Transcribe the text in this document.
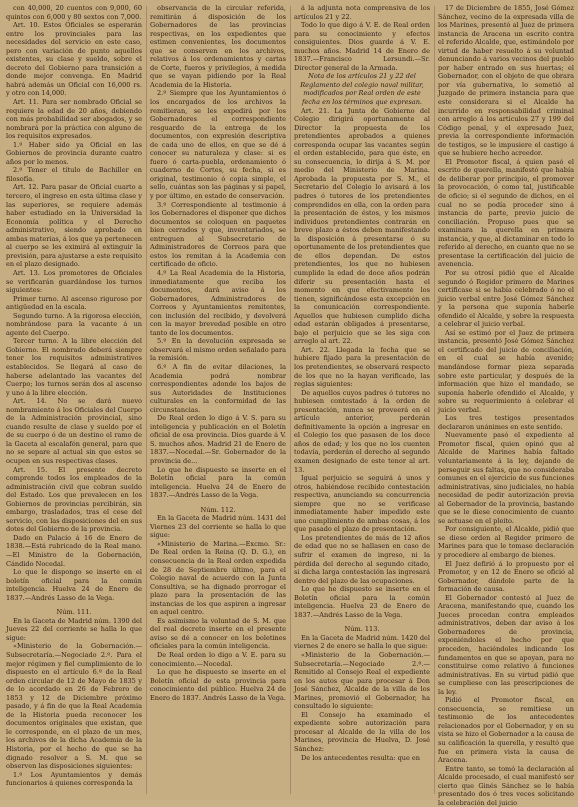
con 40,000, 20 cuentos con 9,000, 60 quintos con 6,000 y 80 sextos con 7,000.

Art. 10. Estos Oficiales se esperarán entre los provinciales para las necesidades del servicio en este caso, pero con variación de punto aquellos existentes, su clase y sueldo, sobre el decreto del Gobierno para transición a donde mejor convenga. En Madrid habrá además un Oficial con 16,000 rs. y otro con 14,000.

Art. 11. Para ser nombrado Oficial se requiere la edad de 20 años, debiendo con más probabilidad ser abogados, y se nombrará por la práctica con alguno de los requisitos expresados.

1.º Haber sido ya Oficial en las Gobiernos de provincia durante cuatro años por lo menos.

2.º Tener el título de Bachiller en filosofía.

Art. 12. Para pasar de Oficial cuarto a tercero, el ingreso en esta última clase y las superiores, se requiere además haber estudiado en la Universidad la Economía política y el Derecho administrativo, siendo aprobado en ambas materias, á los que ya pertenecen al cuerpo se les eximirá al extinguir la previsión, para ajustarse a este requisito en el plazo designado.

Art. 13. Los promotores de Oficiales se verificarán guardándose los turnos siguientes:

Primer turno. Al ascenso riguroso por antigüedad en la escala.

Segundo turno. A la rigorosa elección, nombrándose para la vacante á un agente del Cuerpo.

Tercer turno. A la libre elección del Gobierno. El nombrado deberá siempre tener los requisitos administrativos establecidos. Se llegará al caso de haberse adelantado las vacantes del Cuerpo; los turnos serán dos al ascenso y uno á la libre elección.

Art. 14. No se dará nuevo nombramiento á los Oficiales del Cuerpo de la Administración provincial, sino cuando resulte de clase y sueldo por el de su cuerpo ó de un destino el ramo de la Gaceta al escalafón general, para que no se separe al actual sin que estos se ocupen en sus respectivas clases.

Art. 15. El presente decreto comprende todos los empleados de la administración civil que cobran sueldo del Estado. Los que prevalecen en los Gobiernos de provincias percibirán, sin embargo, trasladados, tras el cese del servicio, con las disposiciones del en sus dotes del Gobierno de la provincia.

Dado en Palacio á 16 de Enero de 1838.—Está rubricado de la Real mano.—El Ministro de la Gobernación, Cándido Nocedal.

Lo que le dispongo se inserte en el boletín oficial para la común inteligencia. Huelva 24 de Enero de 1837.—Andrés Lasso de la Vega.

Núm. 111.

En la Gaceta de Madrid núm. 1390 del Jueves 22 del corriente se halla lo que sigue:

«Ministerio de la Gobernación.—Subsecretaría.—Negociado 2.º. Para el mejor régimen y fiel cumplimiento de lo dispuesto en el artículo 6.º de la Real orden circular de 12 de Mayo de 1835 y de lo acordado en 26 de Febrero de 1853 y 12 de Diciembre próximo pasado, y á fin de que la Real Academia de la Historia pueda reconocer los documentos originales que existan, que le corresponde, en el plazo de un mes, los archivos de la dicha Academia de la Historia, por el hecho de que se ha dignado resolver a S. M. que se observen las disposiciones siguientes:

1.º Los Ayuntamientos y demás funcionarios á quienes corresponda la

observancia de la circular referida, remitirán á disposición de los Gobernadores de las provincias respectivas, en los expedientes que estimen convenientes, los documentos que se conserven en los archivos, relativos á los ordenamientos y cartas de Corte, fueros y privilegios, á medida que se vayan pidiendo por la Real Academia de la Historia.

2.º Siempre que los Ayuntamientos ó los encargados de los archivos la remitieran, se les expedirá por los Gobernadores el correspondiente resguardo de la entrega de los documentos, con expresión descriptiva de cada uno de ellos, en que se dé á conocer su naturaleza y clase: si es fuero ó carta-puebla, ordenamiento ó cuaderno de Cortes, su fecha, si es original, testimonio ó copia simple, el sello, cuántas son las páginas y si papel, y por último, en estado de conservación.

3.º Correspondiente al testimonio á los Gobernadores el disponer que dichos documentos se coloquen en paquetes bien cerrados y que, inventariados, se entreguen al Subsecretario de Administradores de Correos para que estos los remitan á la Academia con certificado de oficio.

4.º La Real Academia de la Historia, inmediatamente que reciba los documentos, dará aviso á los Gobernadores, Administradores de Correos y Ayuntamientos remitentes, con inclusión del recibido, y devolverá con la mayor brevedad posible en otro tanto de los documentos.

5.º En la devolución expresada se observará el mismo orden señalado para la remisión.

6.º A fin de evitar dilaciones, la Academia podrá nombrar correspondientes adonde los bajos de sus Autoridades de Instituciones culturales en la conformidad de las circunstancias.

De Real orden lo digo á V. S. para su inteligencia y publicación en el Boletín oficial de esa provincia. Dios guarde á V. S. muchos años. Madrid 21 de Enero de 1837.—Nocedal.—Sr. Gobernador de la provincia de...

Lo que he dispuesto se inserte en el Boletín oficial para la común inteligencia. Huelva 24 de Enero de 1837.—Andrés Lasso de la Vega.

Núm. 112.

En la Gaceta de Madrid núm. 1431 del Viernes 23 del corriente se halla lo que sigue:

«Ministerio de Marina.—Excmo. Sr.: De Real orden la Reina (Q. D. G.), en consecuencia de la Real orden expedida de 28 de Septiembre último, para el Colegio naval de acuerdo con la Junta Consultiva, se ha dignado prorrogar el plazo para la presentación de las instancias de los que aspiren a ingresar en aquel centro.

Es asimismo la voluntad de S. M. que del real decreto inserte en el presente aviso se dé a conocer en los boletines oficiales para la común inteligencia.

De Real orden lo digo a V. E. para su conocimiento.—Nocedal.

Lo que he dispuesto se inserte en el Boletín oficial de esta provincia para conocimiento del público. Huelva 24 de Enero de 1837. Andrés Lasso de la Vega.

á la adjunta nota comprensiva de los artículos 21 y 22.

Todo lo que digo á V. E. de Real orden para su conocimiento y efectos consiguientes. Dios guarde á V. E. muchos años. Madrid 14 de Enero de 1837.—Francisco Lersundi.—Sr. Director general de la Armada.

Nota de los artículos 21 y 22 del Reglamento del colegio naval militar, modificados por Real orden de este fecha en los términos que expresan.

Art. 21. La Junta de Gobierno del Colegio dirigirá oportunamente al Director la propuesta de los pretendientes aprobados a quienes corresponda ocupar las vacantes según el orden establecido, para que éste, en su consecuencia, lo dirija á S. M. por medio del Ministerio de Marina. Aprobada la propuesta por S. M., el Secretario del Colegio lo avisará á los padres ó tutores de los pretendientes comprendidos en ella, con la orden para la presentación de éstos, y los mismos individuos pretendientes contrarán en breve plazo a éstos deben manifestando la disposición á presentarse ó su oportunamente de los pretendientes que de ellos dependan. De estos pretendientes, los que no hubiesen cumplido la edad de doce años podrán diferir su presentación hasta el momento en que efectivamente los tienen, significándose esta excepción en la comunicación correspondiente. Aquellos que hubiesen cumplido dicha edad estarán obligados á presentarse, bajo el perjuicio que se les siga con arreglo al art. 22.

Art. 22. Llegada la fecha que se hubiere fijado para la presentación de los pretendientes, se observará respecto de los que no la hayan verificado, las reglas siguientes:

De aquellos cuyos padres ó tutores no hubiesen contestado á la orden de presentación, nunca se proveerá en el artículo anterior, perderán definitivamente la opción a ingresar en el Colegio los que pasasen de los doce años de edad; y los que no los cuenten todavía, perderán el derecho al segundo examen designado de este tenor al art. 13.

Igual perjuicio se seguirá á unos y otros, habiéndose recibido contestación respectiva, anunciando su concurrencia siempre que no se verificase inmediatamente haber impedido este uno cumplimiento de ambas cosas, á los que pasado el plazo de presentación.

Los pretendientes de más de 12 años de edad que no se hallasen en caso de sufrir el examen de ingreso, ni la pérdida del derecho al segundo citado, si dicha larga contestación las ingresará dentro del plazo de las ocupaciones.

Lo que he dispuesto se inserte en el Boletín oficial para la común inteligencia. Huelva 23 de Enero de 1837.—Andrés Lasso de la Vega.

Núm. 113.

En la Gaceta de Madrid núm. 1420 del viernes 2 de enero se halla lo que sigue:

«Ministerio de la Gobernación.—Subsecretaría.—Negociado 2.º.—Remitido al Consejo Real el expediente en los autos que para procesar á Don José Sánchez, Alcalde de la villa de los Marines, promovió el Gobernador, ha consultado lo siguiente:

El Consejo ha examinado el expediente sobre autorización para procesar al Alcalde de la villa de los Marines, provincia de Huelva, D. José Sánchez:

De los antecedentes resulta: que en

17 de Diciembre de 1855, José Gómez Sánchez, vecino de la expresada villa de los Marines, presentó al Juez de primera instancia de Aracena un escrito contra el referido Alcalde, que, estimándolo por virtud de haber resuelto á su voluntad denunciando á varios vecinos del pueblo por haber entrado en sus huertas; el Gobernador, con el objeto de que obrara por vía gubernativa, lo sometió al Juzgado de primera instancia para que este considerara si el Alcalde ha incurrido en responsabilidad criminal con arreglo á los artículos 27 y 199 del Código penal, y el expresado Juez, previa la correspondiente información de testigos, se le impusiere el castigo á que se hubiere hecho acreedor.

El Promotor fiscal, á quien pasó el escrito de querella, manifestó que había de deliberar por principio, el promover la provocación, ó como tal, justificable de oficio; si el segundo de dichos, en el cual no se podía proceder sino á instancia de parte, previo juicio de conciliación. Propuso pues que se examinara la querella en primera instancia, y que, al dictaminar en todo lo referido al derecho, en cuanto que no se presentase la certificación del juicio de avenencia.

Por su otrosí pidió que el Alcalde segundo ó Regidor primero de Marines certificase si se había celebrado ó no el juicio verbal entre José Gómez Sánchez y la persona que suponía haberle ofendido el Alcalde, y sobre la respuesta a celebrar el juicio verbal.

Así se estimó por el Juez de primera instancia, presentó José Gómez Sánchez el certificado del juicio de conciliación, en el cual se había avenido; mandándose formar pieza separada sobre este particular, y después de la información que hizo el mandado, se suponía haberle ofendido el Alcalde, y sobre su requerimiento á celebrar el juicio verbal.

Los tres testigos presentados declararon unánimes en este sentido.

Nuevamente pasó el expediente al Promotor fiscal, quien opinó que al Alcalde de Marines había faltado voluntariamente á la ley, dejando de perseguir sus faltas, que no consideraba comunes en el ejercicio de sus funciones administrativas, sino judiciales, no había necesidad de pedir autorización previa al Gobernador de la provincia, bastando que se le diese conocimiento de cuanto se actuase en el pleito.

Por consiguiente, el Alcalde, pidió que se diese orden al Regidor primero de Marines para que le tomase declaración y procediere al embargo de bienes.

El Juez defirió á lo propuesto por el Promotor, y en 12 de Enero se ofició al Gobernador, dándole parte de la formación de causa.

El Gobernador contestó al Juez de Aracena, manifestando que, cuando los Jueces procedan contra empleados administrativos, deben dar aviso á los Gobernadores de provincia, exponiéndoles el hecho por que proceden, haciéndoles indicando los fundamentos en que se apoyan, para no constituirse como relativo á funciones administrativas. En su virtud pidió que se cumpliese con las prescripciones de la ley.

Pidió el Promotor fiscal, en consecuencia, se remitiese un testimonio de los antecedentes relacionados por el Gobernador, y en su vista se hizo el Gobernador a la causa de su calificación la querella, y resultó que fue en primera vista la causa de Aracena.

Entre tanto, se tomó la declaración al Alcalde procesado, el cual manifestó ser cierto que Ginés Sánchez se le había presentado dos ó tres veces solicitando la celebración del juicio
